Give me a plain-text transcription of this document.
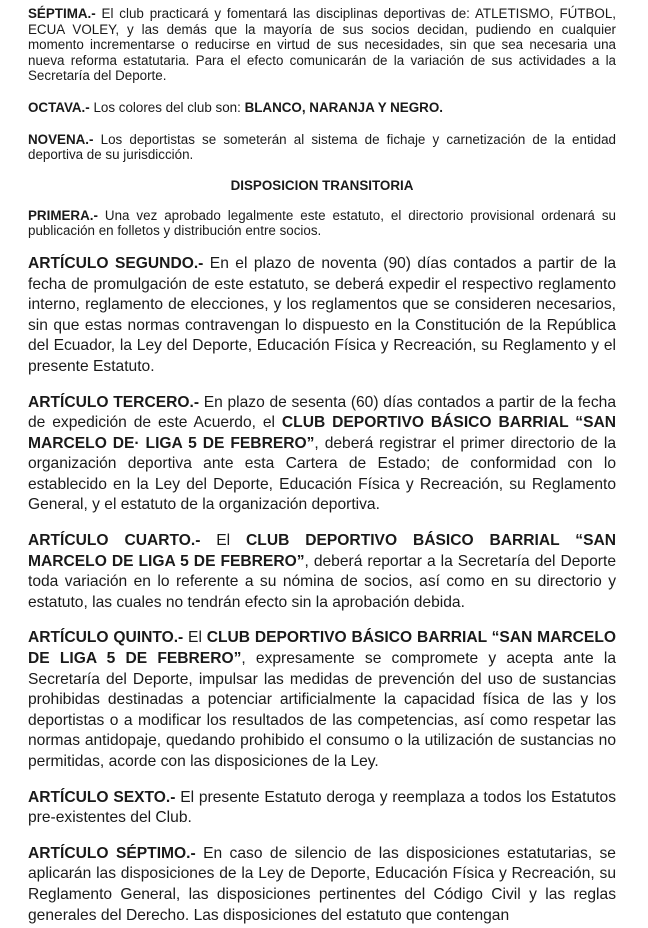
SÉPTIMA.- El club practicará y fomentará las disciplinas deportivas de: ATLETISMO, FÚTBOL, ECUA VOLEY, y las demás que la mayoría de sus socios decidan, pudiendo en cualquier momento incrementarse o reducirse en virtud de sus necesidades, sin que sea necesaria una nueva reforma estatutaria. Para el efecto comunicarán de la variación de sus actividades a la Secretaría del Deporte.

OCTAVA.- Los colores del club son: BLANCO, NARANJA Y NEGRO.

NOVENA.- Los deportistas se someterán al sistema de fichaje y carnetización de la entidad deportiva de su jurisdicción.

DISPOSICION TRANSITORIA

PRIMERA.- Una vez aprobado legalmente este estatuto, el directorio provisional ordenará su publicación en folletos y distribución entre socios.

ARTÍCULO SEGUNDO.- En el plazo de noventa (90) días contados a partir de la fecha de promulgación de este estatuto, se deberá expedir el respectivo reglamento interno, reglamento de elecciones, y los reglamentos que se consideren necesarios, sin que estas normas contravengan lo dispuesto en la Constitución de la República del Ecuador, la Ley del Deporte, Educación Física y Recreación, su Reglamento y el presente Estatuto.

ARTÍCULO TERCERO.- En plazo de sesenta (60) días contados a partir de la fecha de expedición de este Acuerdo, el CLUB DEPORTIVO BÁSICO BARRIAL “SAN MARCELO DE· LIGA 5 DE FEBRERO”, deberá registrar el primer directorio de la organización deportiva ante esta Cartera de Estado; de conformidad con lo establecido en la Ley del Deporte, Educación Física y Recreación, su Reglamento General, y el estatuto de la organización deportiva.

ARTÍCULO CUARTO.- El CLUB DEPORTIVO BÁSICO BARRIAL “SAN MARCELO DE LIGA 5 DE FEBRERO”, deberá reportar a la Secretaría del Deporte toda variación en lo referente a su nómina de socios, así como en su directorio y estatuto, las cuales no tendrán efecto sin la aprobación debida.

ARTÍCULO QUINTO.- El CLUB DEPORTIVO BÁSICO BARRIAL “SAN MARCELO DE LIGA 5 DE FEBRERO”, expresamente se compromete y acepta ante la Secretaría del Deporte, impulsar las medidas de prevención del uso de sustancias prohibidas destinadas a potenciar artificialmente la capacidad física de las y los deportistas o a modificar los resultados de las competencias, así como respetar las normas antidopaje, quedando prohibido el consumo o la utilización de sustancias no permitidas, acorde con las disposiciones de la Ley.

ARTÍCULO SEXTO.- El presente Estatuto deroga y reemplaza a todos los Estatutos pre-existentes del Club.

ARTÍCULO SÉPTIMO.- En caso de silencio de las disposiciones estatutarias, se aplicarán las disposiciones de la Ley de Deporte, Educación Física y Recreación, su Reglamento General, las disposiciones pertinentes del Código Civil y las reglas generales del Derecho. Las disposiciones del estatuto que contengan
